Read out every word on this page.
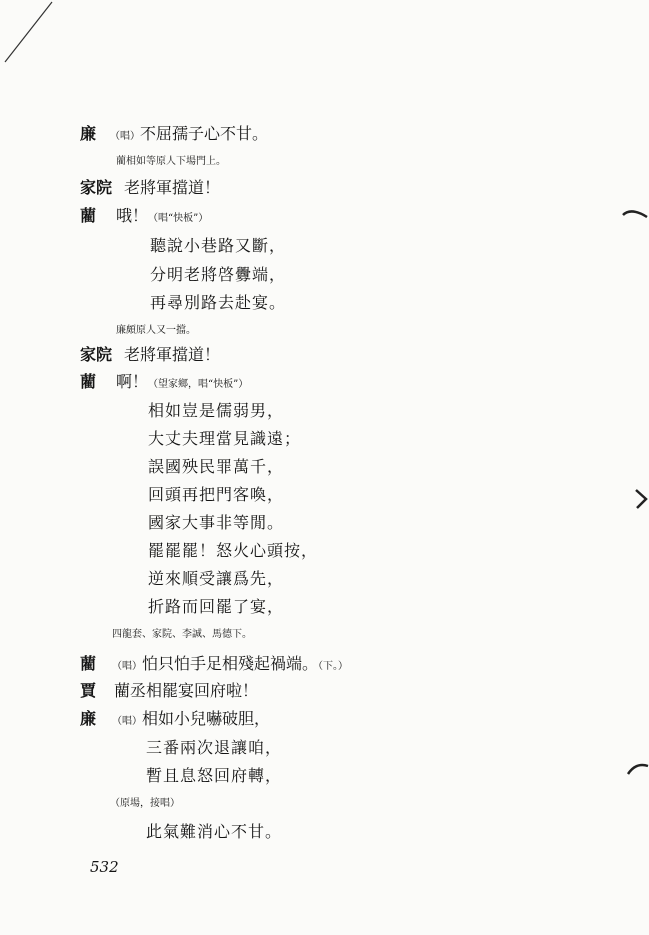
廉 （唱）不屈孺子心不甘。
藺相如等原人下場門上。
家院 老將軍擋道！
藺 哦！（唱“快板”）
聽說小巷路又斷，
分明老將啓釁端，
再尋別路去赴宴。
廉頗原人又一擋。
家院 老將軍擋道！
藺 啊！（望家鄉，唱“快板”）
相如豈是儒弱男，
大丈夫理當見識遠；
誤國殃民罪萬千，
回頭再把門客喚，
國家大事非等閒。
罷罷罷！怒火心頭按，
逆來順受讓爲先，
折路而回罷了宴，
四龍套、家院、李誠、馬德下。
藺 （唱）怕只怕手足相殘起禍端。（下。）
賈 藺丞相罷宴回府啦！
廉 （唱）相如小兒嚇破胆，
三番兩次退讓咱，
暫且息怒回府轉，
（原場，接唱）
此氣難消心不甘。
532
